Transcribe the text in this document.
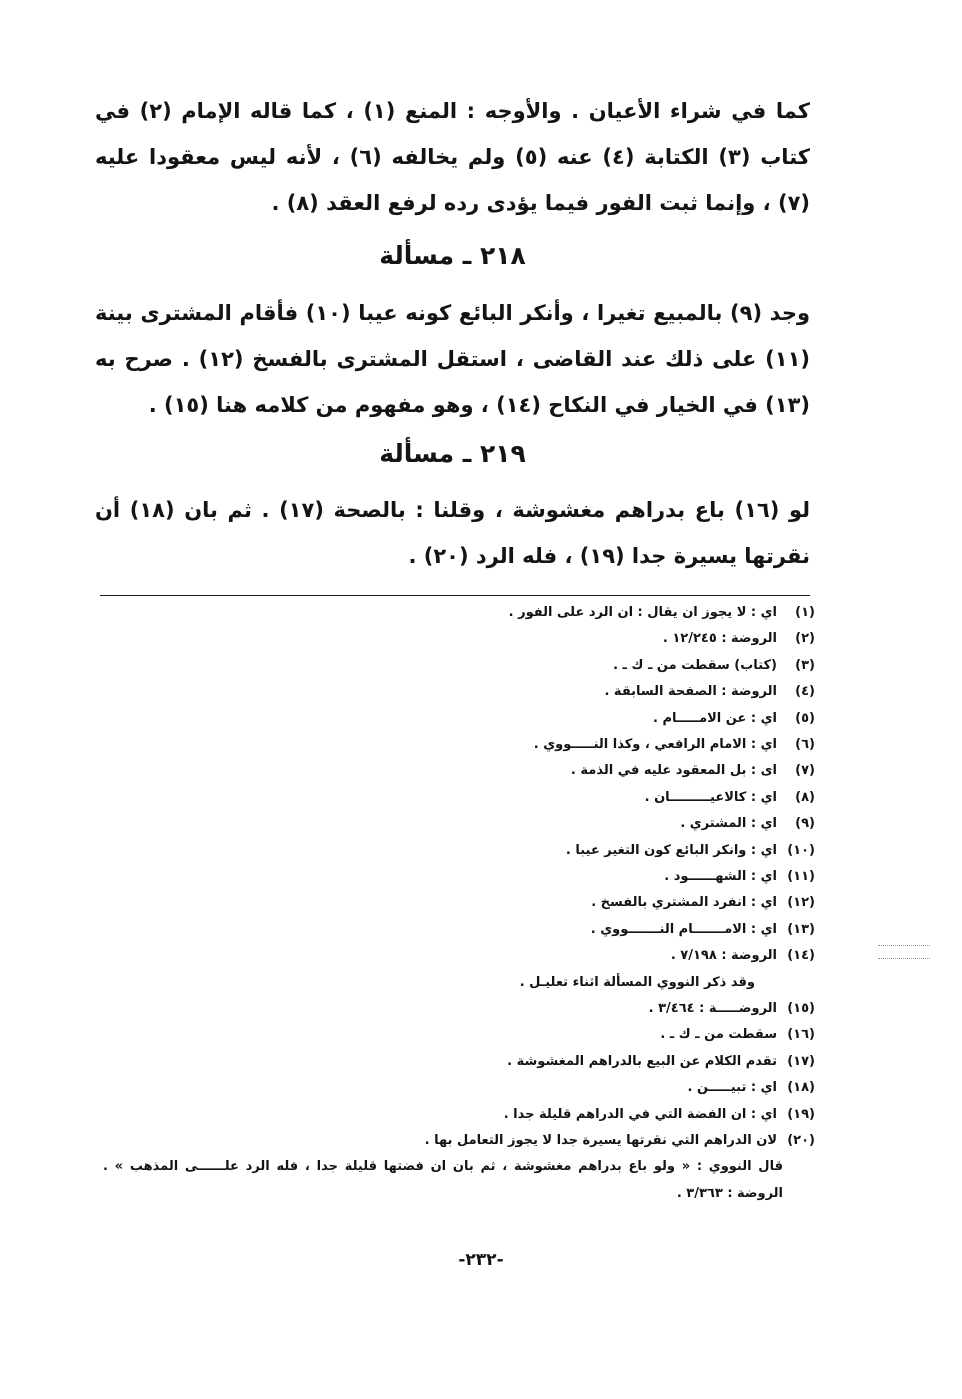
كما في شراء الأعيان . والأوجه : المنع (١) ، كما قاله الإمام (٢) في كتاب (٣) الكتابة (٤) عنه (٥) ولم يخالفه (٦) ، لأنه ليس معقودا عليه (٧) ، وإنما ثبت الفور فيما يؤدى رده لرفع العقد (٨) .

٢١٨ ـ مسألة

وجد (٩) بالمبيع تغيرا ، وأنكر البائع كونه عيبا (١٠) فأقام المشترى بينة (١١) على ذلك عند القاضى ، استقل المشترى بالفسخ (١٢) . صرح به (١٣) في الخيار في النكاح (١٤) ، وهو مفهوم من كلامه هنا (١٥) .

٢١٩ ـ مسألة

لو (١٦) باع بدراهم مغشوشة ، وقلنا : بالصحة (١٧) . ثم بان (١٨) أن نقرتها يسيرة جدا (١٩) ، فله الرد (٢٠) .

(١)اي : لا يجوز ان يقال : ان الرد على الفور .
(٢)الروضة : ١٢/٢٤٥ .
(٣)(كتاب) سقطت من ـ ك ـ .
(٤)الروضة : الصفحة السابقة .
(٥)اي : عن الامـــــام .
(٦)اي : الامام الرافعي ، وكذا النـــــووي .
(٧)اى : بل المعقود عليه في الذمة .
(٨)اي : كالاعيـــــــــان .
(٩)اي : المشتري .
(١٠)اي : وانكر البائع كون التغير عيبا .
(١١)اي : الشهــــــود .
(١٢)اي : انفرد المشتري بالفسخ .
(١٣)اي : الامـــــــام النـــــــووي .
(١٤)الروضة : ٧/١٩٨ .
وقد ذكر النووي المسألة اثناء تعليـل .
(١٥)الروضـــــة : ٣/٤٦٤ .
(١٦)سقطت من ـ ك ـ .
(١٧)تقدم الكلام عن البيع بالدراهم المغشوشة .
(١٨)اي : تبيـــــن .
(١٩)اي : ان الفضة التي في الدراهم قليلة جدا .
(٢٠)لان الدراهم التي نقرتها يسيرة جدا لا يجوز التعامل بها .

قال النووي : « ولو باع بدراهم مغشوشة ، ثم بان ان فضتها قليلة جدا ، فله الرد علــــــى المذهب » . الروضة : ٣/٣٦٣ .

-٢٣٢-
